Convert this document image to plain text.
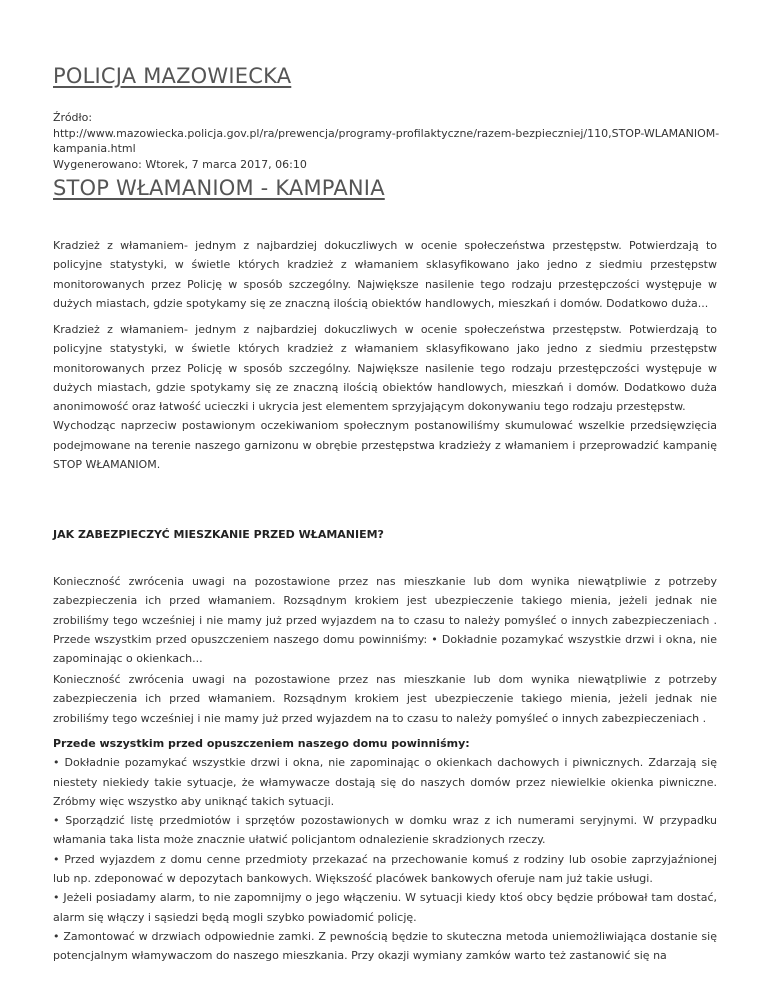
POLICJA MAZOWIECKA
Źródło:
http://www.mazowiecka.policja.gov.pl/ra/prewencja/programy-profilaktyczne/razem-bezpieczniej/110,STOP-WLAMANIOM-kampania.html
Wygenerowano: Wtorek, 7 marca 2017, 06:10
STOP WŁAMANIOM - KAMPANIA

Kradzież z włamaniem- jednym z najbardziej dokuczliwych w ocenie społeczeństwa przestępstw. Potwierdzają to policyjne statystyki, w świetle których kradzież z włamaniem sklasyfikowano jako jedno z siedmiu przestępstw monitorowanych przez Policję w sposób szczególny. Największe nasilenie tego rodzaju przestępczości występuje w dużych miastach, gdzie spotykamy się ze znaczną ilością obiektów handlowych, mieszkań i domów. Dodatkowo duża...

Kradzież z włamaniem- jednym z najbardziej dokuczliwych w ocenie społeczeństwa przestępstw. Potwierdzają to policyjne statystyki, w świetle których kradzież z włamaniem sklasyfikowano jako jedno z siedmiu przestępstw monitorowanych przez Policję w sposób szczególny. Największe nasilenie tego rodzaju przestępczości występuje w dużych miastach, gdzie spotykamy się ze znaczną ilością obiektów handlowych, mieszkań i domów. Dodatkowo duża anonimowość oraz łatwość ucieczki i ukrycia jest elementem sprzyjającym dokonywaniu tego rodzaju przestępstw.

Wychodząc naprzeciw postawionym oczekiwaniom społecznym postanowiliśmy skumulować wszelkie przedsięwzięcia podejmowane na terenie naszego garnizonu w obrębie przestępstwa kradzieży z włamaniem i przeprowadzić kampanię STOP WŁAMANIOM.

JAK ZABEZPIECZYĆ MIESZKANIE PRZED WŁAMANIEM?

Konieczność zwrócenia uwagi na pozostawione przez nas mieszkanie lub dom wynika niewątpliwie z potrzeby zabezpieczenia ich przed włamaniem. Rozsądnym krokiem jest ubezpieczenie takiego mienia, jeżeli jednak nie zrobiliśmy tego wcześniej i nie mamy już przed wyjazdem na to czasu to należy pomyśleć o innych zabezpieczeniach . Przede wszystkim przed opuszczeniem naszego domu powinniśmy: • Dokładnie pozamykać wszystkie drzwi i okna, nie zapominając o okienkach...

Konieczność zwrócenia uwagi na pozostawione przez nas mieszkanie lub dom wynika niewątpliwie z potrzeby zabezpieczenia ich przed włamaniem. Rozsądnym krokiem jest ubezpieczenie takiego mienia, jeżeli jednak nie zrobiliśmy tego wcześniej i nie mamy już przed wyjazdem na to czasu to należy pomyśleć o innych zabezpieczeniach .

Przede wszystkim przed opuszczeniem naszego domu powinniśmy:

• Dokładnie pozamykać wszystkie drzwi i okna, nie zapominając o okienkach dachowych i piwnicznych. Zdarzają się niestety niekiedy takie sytuacje, że włamywacze dostają się do naszych domów przez niewielkie okienka piwniczne. Zróbmy więc wszystko aby uniknąć takich sytuacji.

• Sporządzić listę przedmiotów i sprzętów pozostawionych w domku wraz z ich numerami seryjnymi. W przypadku włamania taka lista może znacznie ułatwić policjantom odnalezienie skradzionych rzeczy.

• Przed wyjazdem z domu cenne przedmioty przekazać na przechowanie komuś z rodziny lub osobie zaprzyjaźnionej lub np. zdeponować w depozytach bankowych. Większość placówek bankowych oferuje nam już takie usługi.

• Jeżeli posiadamy alarm, to nie zapomnijmy o jego włączeniu. W sytuacji kiedy ktoś obcy będzie próbował tam dostać, alarm się włączy i sąsiedzi będą mogli szybko powiadomić policję.

• Zamontować w drzwiach odpowiednie zamki. Z pewnością będzie to skuteczna metoda uniemożliwiająca dostanie się potencjalnym włamywaczom do naszego mieszkania. Przy okazji wymiany zamków warto też zastanowić się na
